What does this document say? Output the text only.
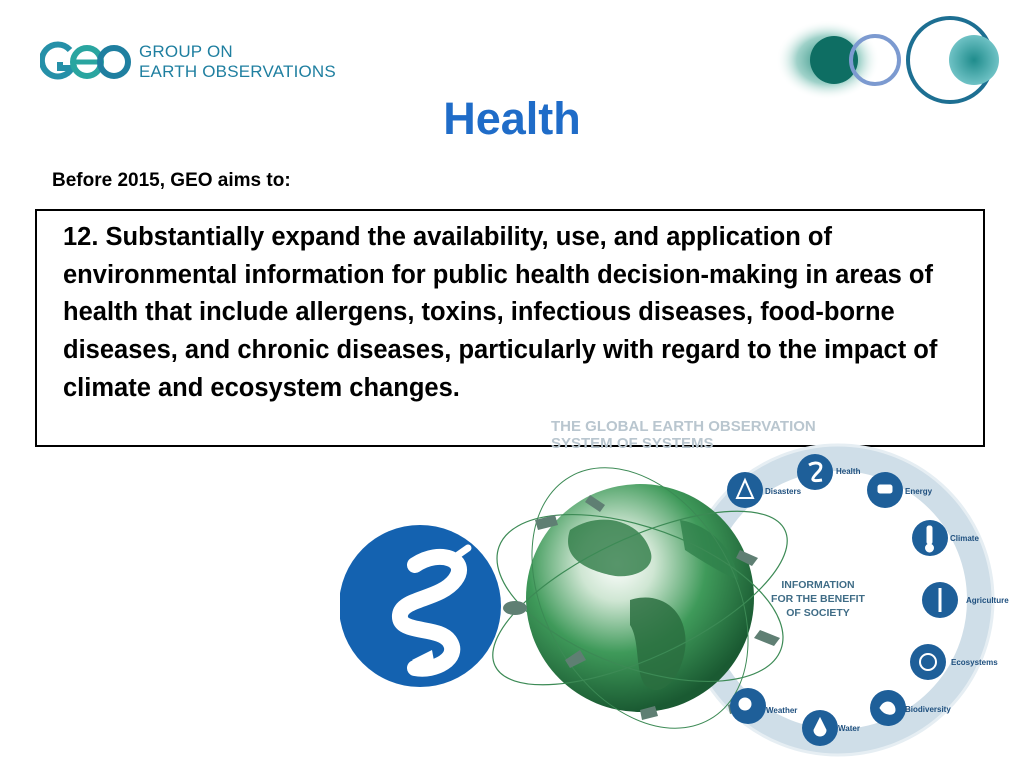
GROUP ON
EARTH OBSERVATIONS
Health
Before 2015, GEO aims to:
12. Substantially expand the availability, use, and application of environmental information for public health decision-making in areas of health that include allergens, toxins, infectious diseases, food-borne diseases, and chronic diseases, particularly with regard to the impact of climate and ecosystem changes.
THE GLOBAL EARTH OBSERVATION
SYSTEM OF SYSTEMS
INFORMATION
FOR THE BENEFIT
OF SOCIETY
Health
Energy
Climate
Agriculture
Ecosystems
Biodiversity
Water
Weather
Disasters
